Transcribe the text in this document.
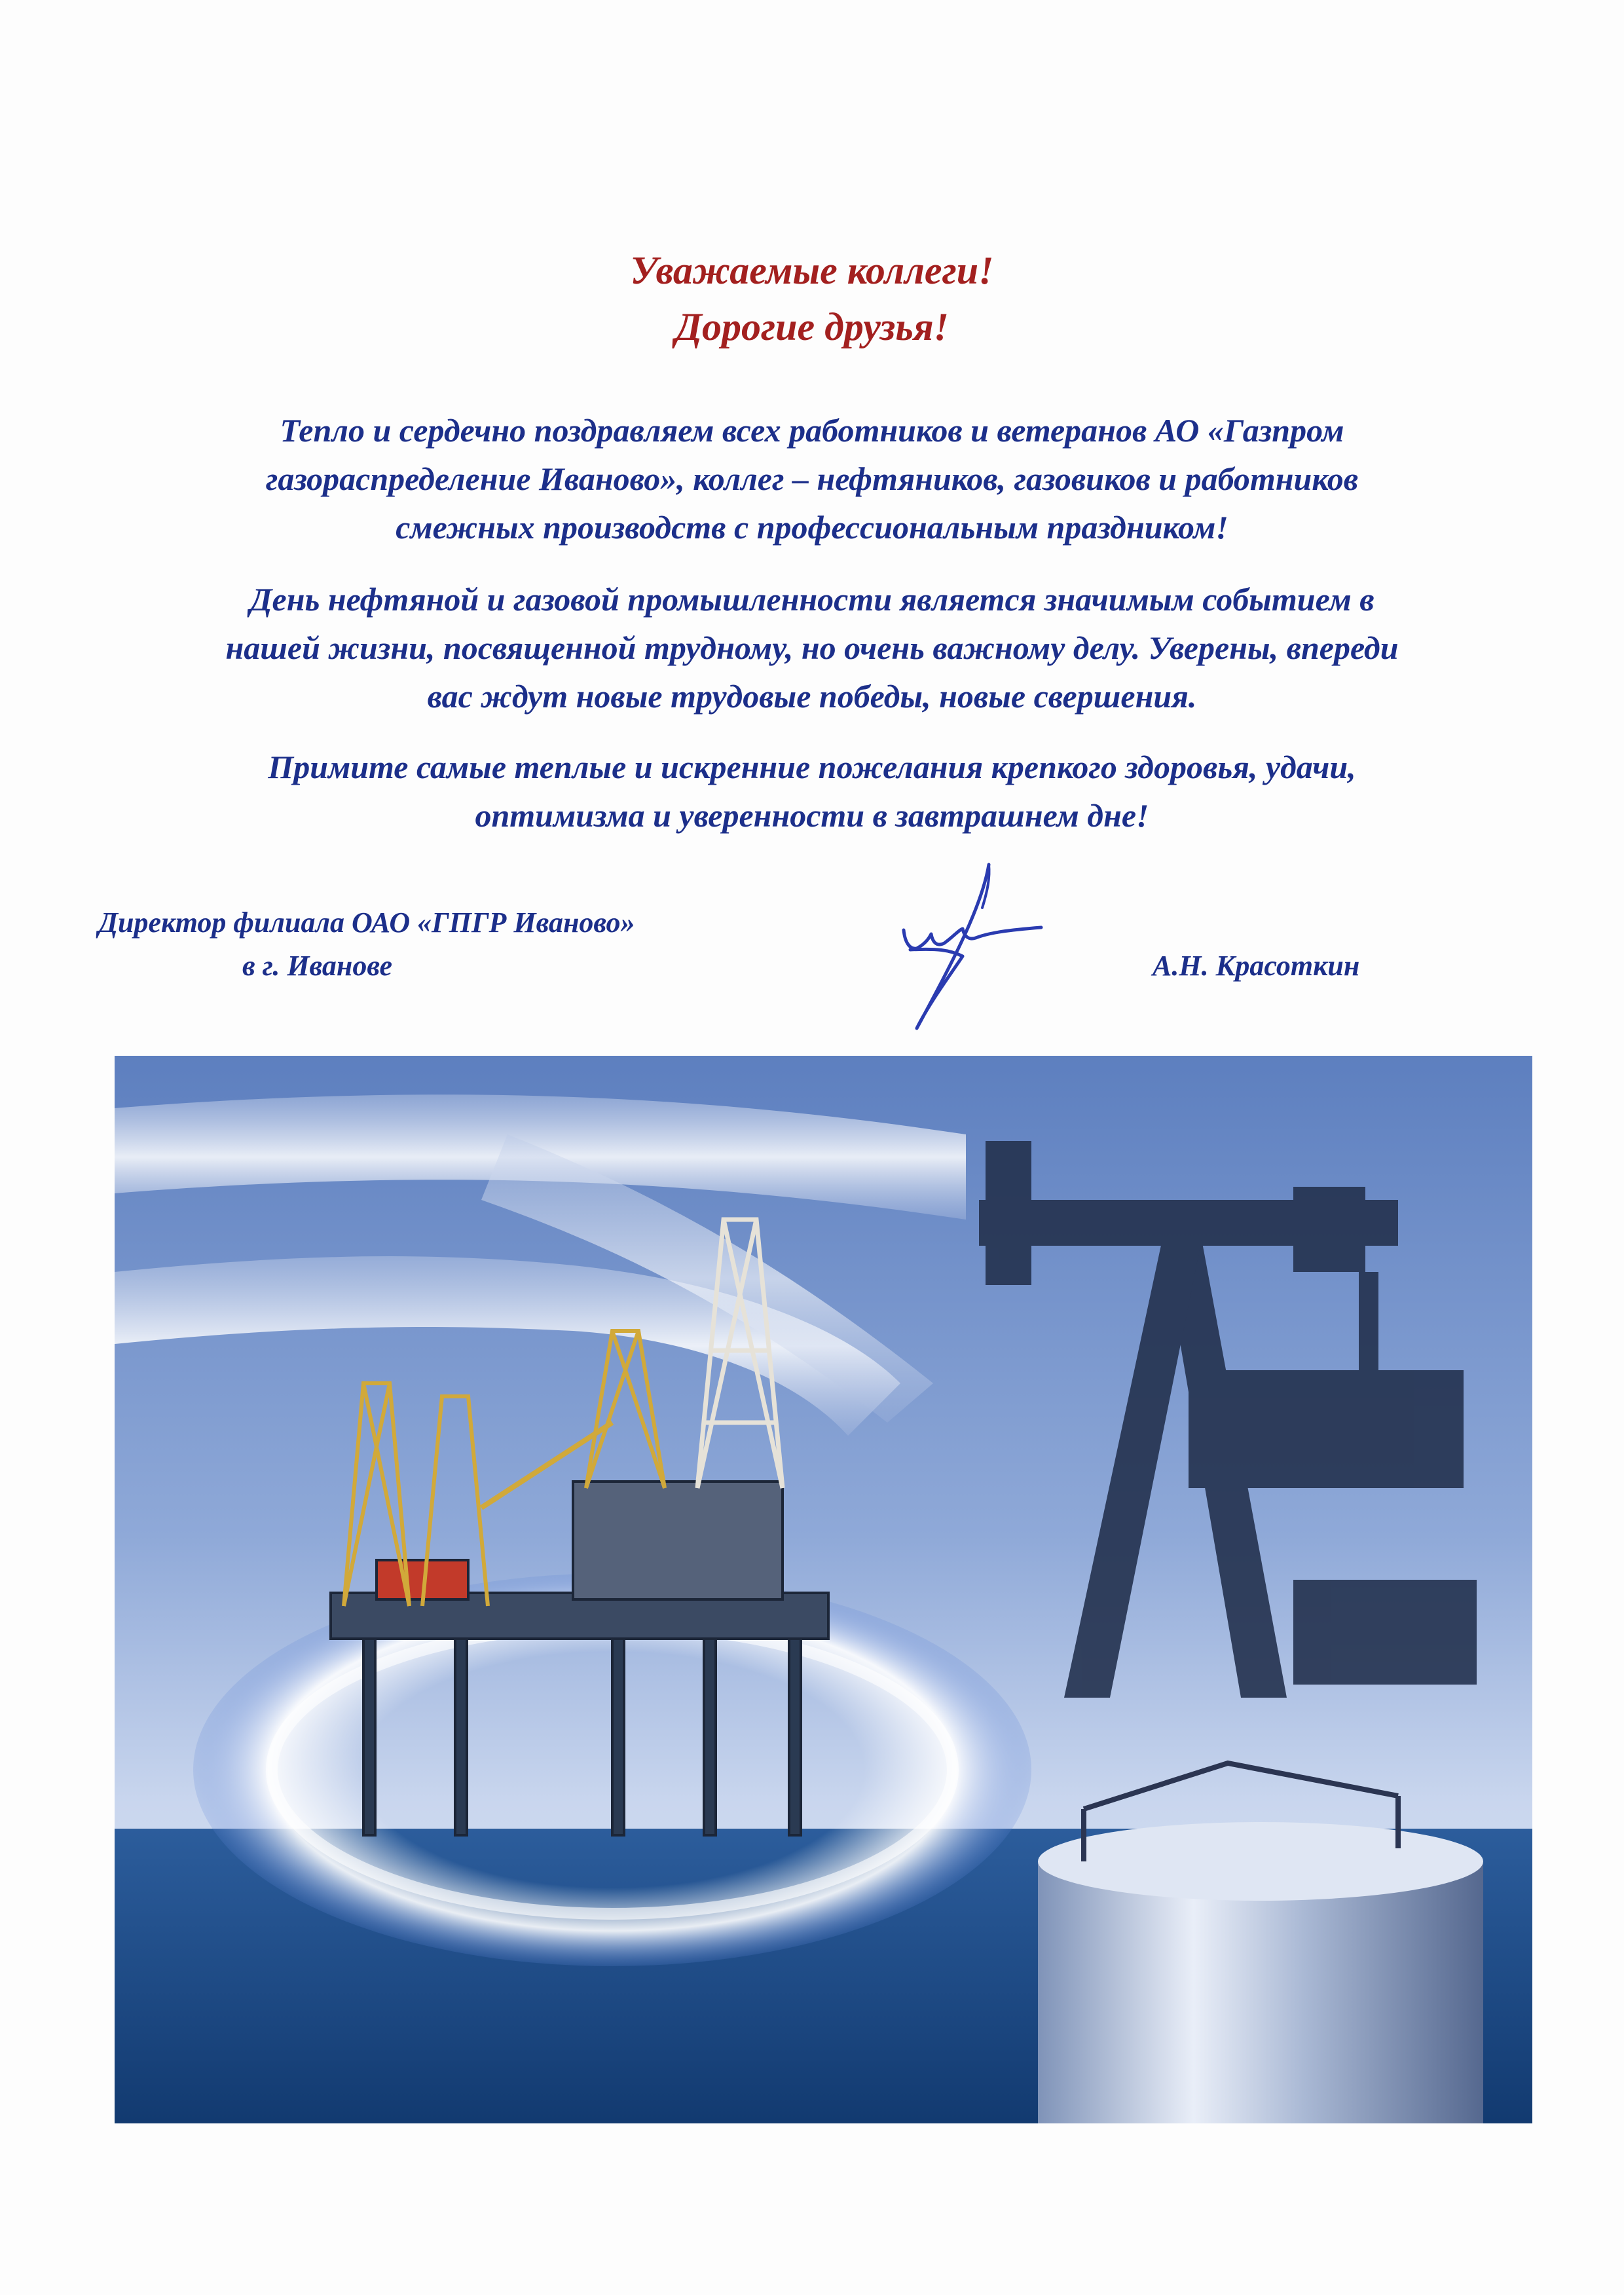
Уважаемые коллеги!
Дорогие друзья!
Тепло и сердечно поздравляем всех работников и ветеранов АО «Газпром
газораспределение Иваново», коллег – нефтяников, газовиков и работников
смежных производств с профессиональным праздником!
День нефтяной и газовой промышленности является значимым событием в
нашей жизни, посвященной трудному, но очень важному делу. Уверены, впереди
вас ждут новые трудовые победы, новые свершения.
Примите самые теплые и искренние пожелания крепкого здоровья, удачи,
оптимизма и уверенности в завтрашнем дне!
Директор филиала ОАО «ГПГР Иваново»
в г. Иванове	А.Н. Красоткин
